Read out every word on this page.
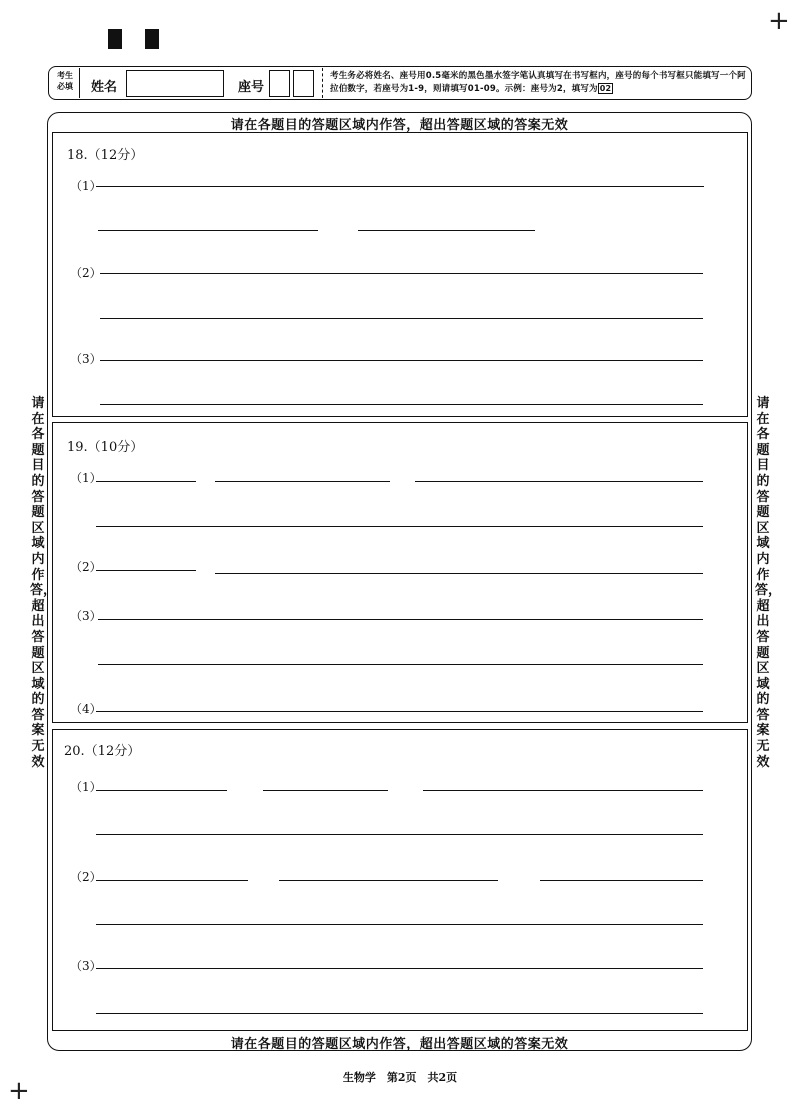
+
+
考生必填 姓名	座号
考生务必将姓名、座号用0.5毫米的黑色墨水签字笔认真填写在书写框内，座号的每个书写框只能填写一个阿拉伯数字，若座号为1-9，则请填写01-09。示例：座号为2，填写为 02
请在各题目的答题区域内作答，超出答题区域的答案无效
请在各题目的答题区域内作答，超出答题区域的答案无效
请在各题目的答题区域内作答，超出答题区域的答案无效
请在各题目的答题区域内作答，超出答题区域的答案无效
18.（12分）
（1）
（2）
（3）
19.（10分）
（1）
（2）
（3）
（4）
20.（12分）
（1）
（2）
（3）
生物学　第2页　共2页
